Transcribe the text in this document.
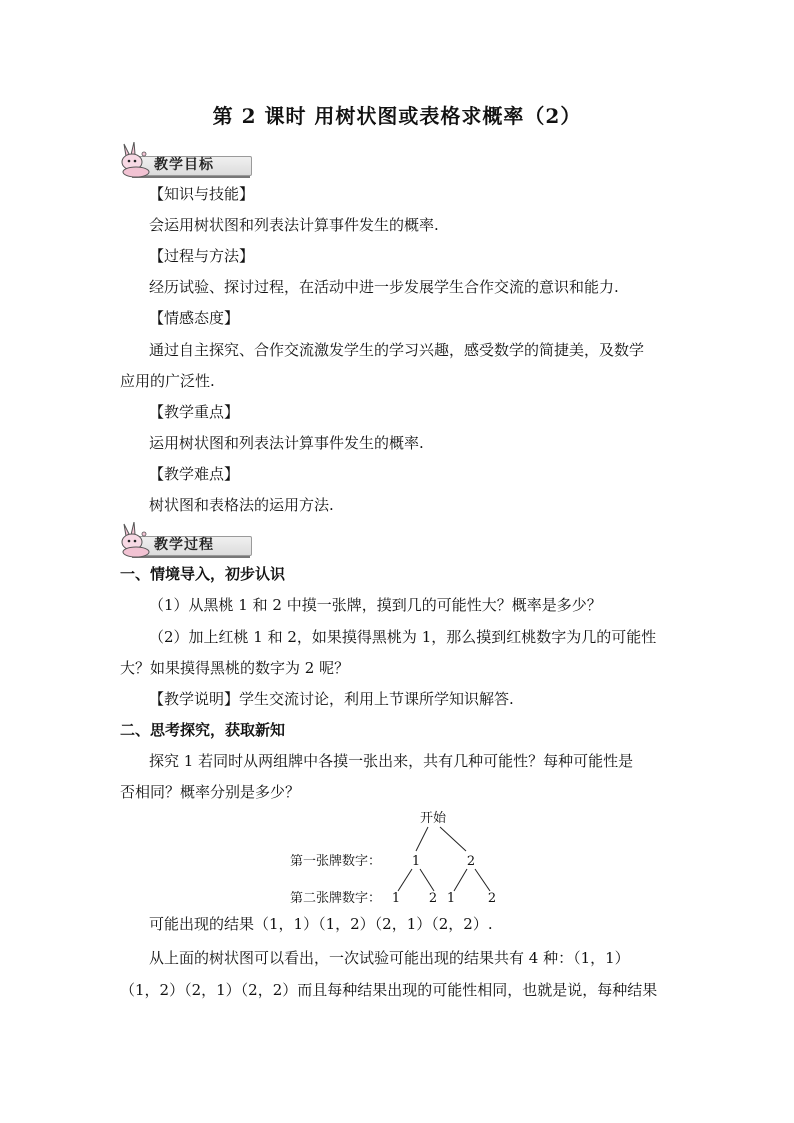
第 2 课时 用树状图或表格求概率（2）
教学目标
【知识与技能】
会运用树状图和列表法计算事件发生的概率.
【过程与方法】
经历试验、探讨过程，在活动中进一步发展学生合作交流的意识和能力.
【情感态度】
通过自主探究、合作交流激发学生的学习兴趣，感受数学的简捷美，及数学
应用的广泛性.
【教学重点】
运用树状图和列表法计算事件发生的概率.
【教学难点】
树状图和表格法的运用方法.
教学过程
一、情境导入，初步认识
（1）从黑桃 1 和 2 中摸一张牌，摸到几的可能性大？概率是多少？
（2）加上红桃 1 和 2，如果摸得黑桃为 1，那么摸到红桃数字为几的可能性
大？如果摸得黑桃的数字为 2 呢？
【教学说明】学生交流讨论，利用上节课所学知识解答.
二、思考探究，获取新知
探究 1 若同时从两组牌中各摸一张出来，共有几种可能性？每种可能性是
否相同？概率分别是多少？
开始
第一张牌数字：
第二张牌数字：
1	2
1 2 1	2
可能出现的结果（1，1）（1，2）（2，1）（2，2）.
从上面的树状图可以看出，一次试验可能出现的结果共有 4 种：（1，1）
（1，2）（2，1）（2，2）而且每种结果出现的可能性相同，也就是说，每种结果
